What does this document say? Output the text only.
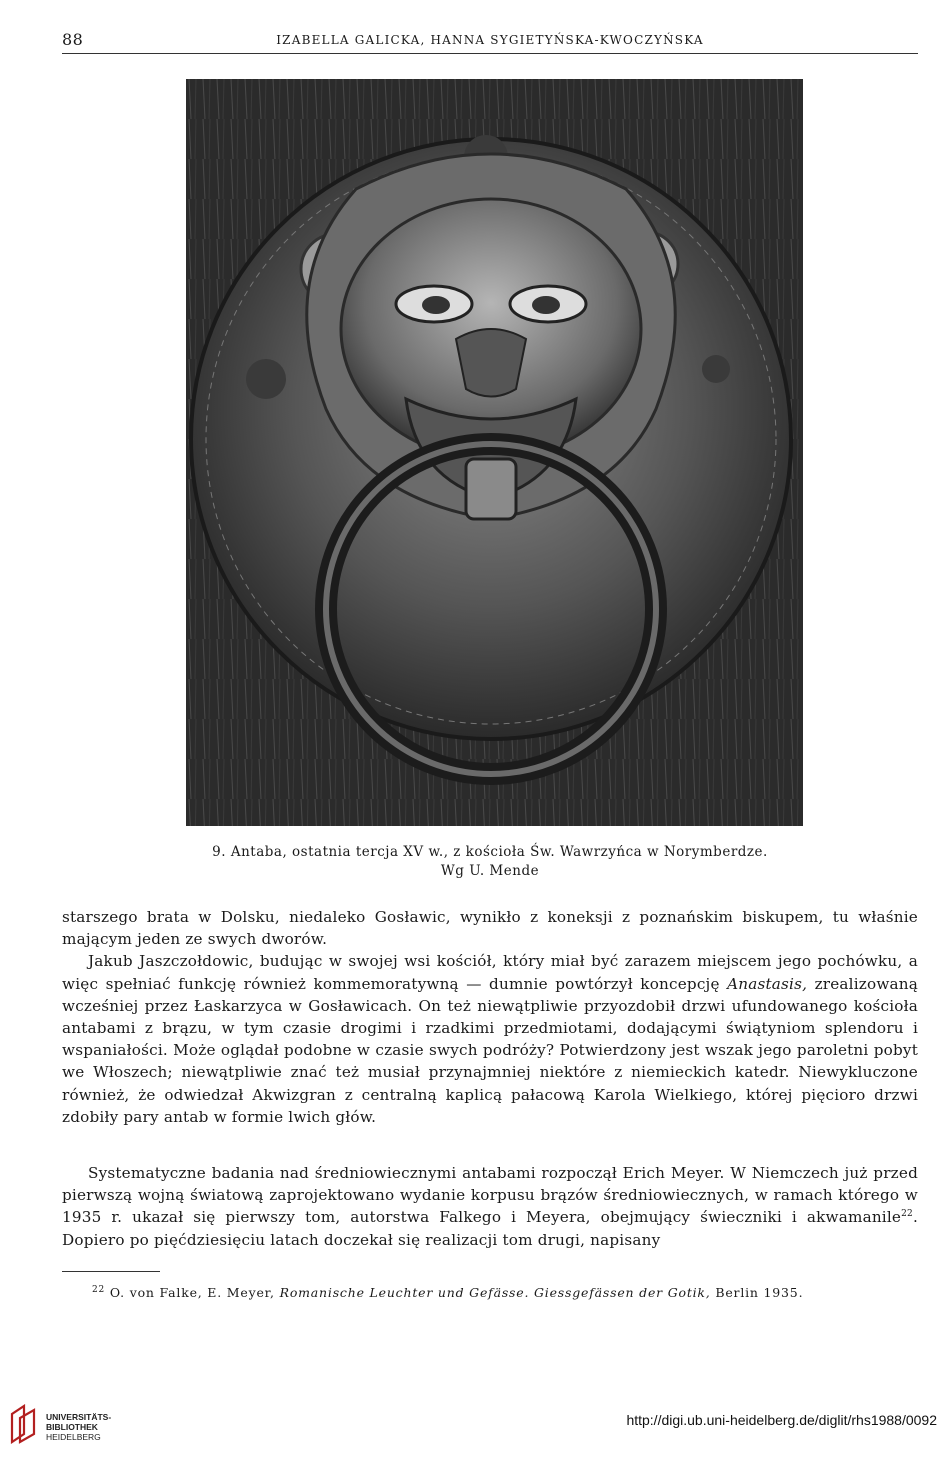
88	IZABELLA GALICKA, HANNA SYGIETYŃSKA-KWOCZYŃSKA
9. Antaba, ostatnia tercja XV w., z kościoła Św. Wawrzyńca w Norymberdze.
Wg U. Mende

starszego brata w Dolsku, niedaleko Gosławic, wynikło z koneksji z poznańskim biskupem, tu właśnie mającym jeden ze swych dworów.

Jakub Jaszczołdowic, budując w swojej wsi kościół, który miał być zarazem miejscem jego pochówku, a więc spełniać funkcję również kommemoratywną — dumnie powtórzył koncepcję Anastasis, zrealizowaną wcześniej przez Łaskarzyca w Gosławicach. On też niewątpliwie przyozdobił drzwi ufundowanego kościoła antabami z brązu, w tym czasie drogimi i rzadkimi przedmiotami, dodającymi świątyniom splendoru i wspaniałości. Może oglądał podobne w czasie swych podróży? Potwierdzony jest wszak jego paroletni pobyt we Włoszech; niewątpliwie znać też musiał przynajmniej niektóre z niemieckich katedr. Niewykluczone również, że odwiedzał Akwizgran z centralną kaplicą pałacową Karola Wielkiego, której pięcioro drzwi zdobiły pary antab w formie lwich głów.

Systematyczne badania nad średniowiecznymi antabami rozpoczął Erich Meyer. W Niemczech już przed pierwszą wojną światową zaprojektowano wydanie korpusu brązów średniowiecznych, w ramach którego w 1935 r. ukazał się pierwszy tom, autorstwa Falkego i Meyera, obejmujący świeczniki i akwamanile$^{22}$. Dopiero po pięćdziesięciu latach doczekał się realizacji tom drugi, napisany

$^{22}$ O. von Falke, E. Meyer, Romanische Leuchter und Gefässe. Giessgefässen der Gotik, Berlin 1935.
UNIVERSITÄTS-
BIBLIOTHEK
HEIDELBERG
http://digi.ub.uni-heidelberg.de/diglit/rhs1988/0092
